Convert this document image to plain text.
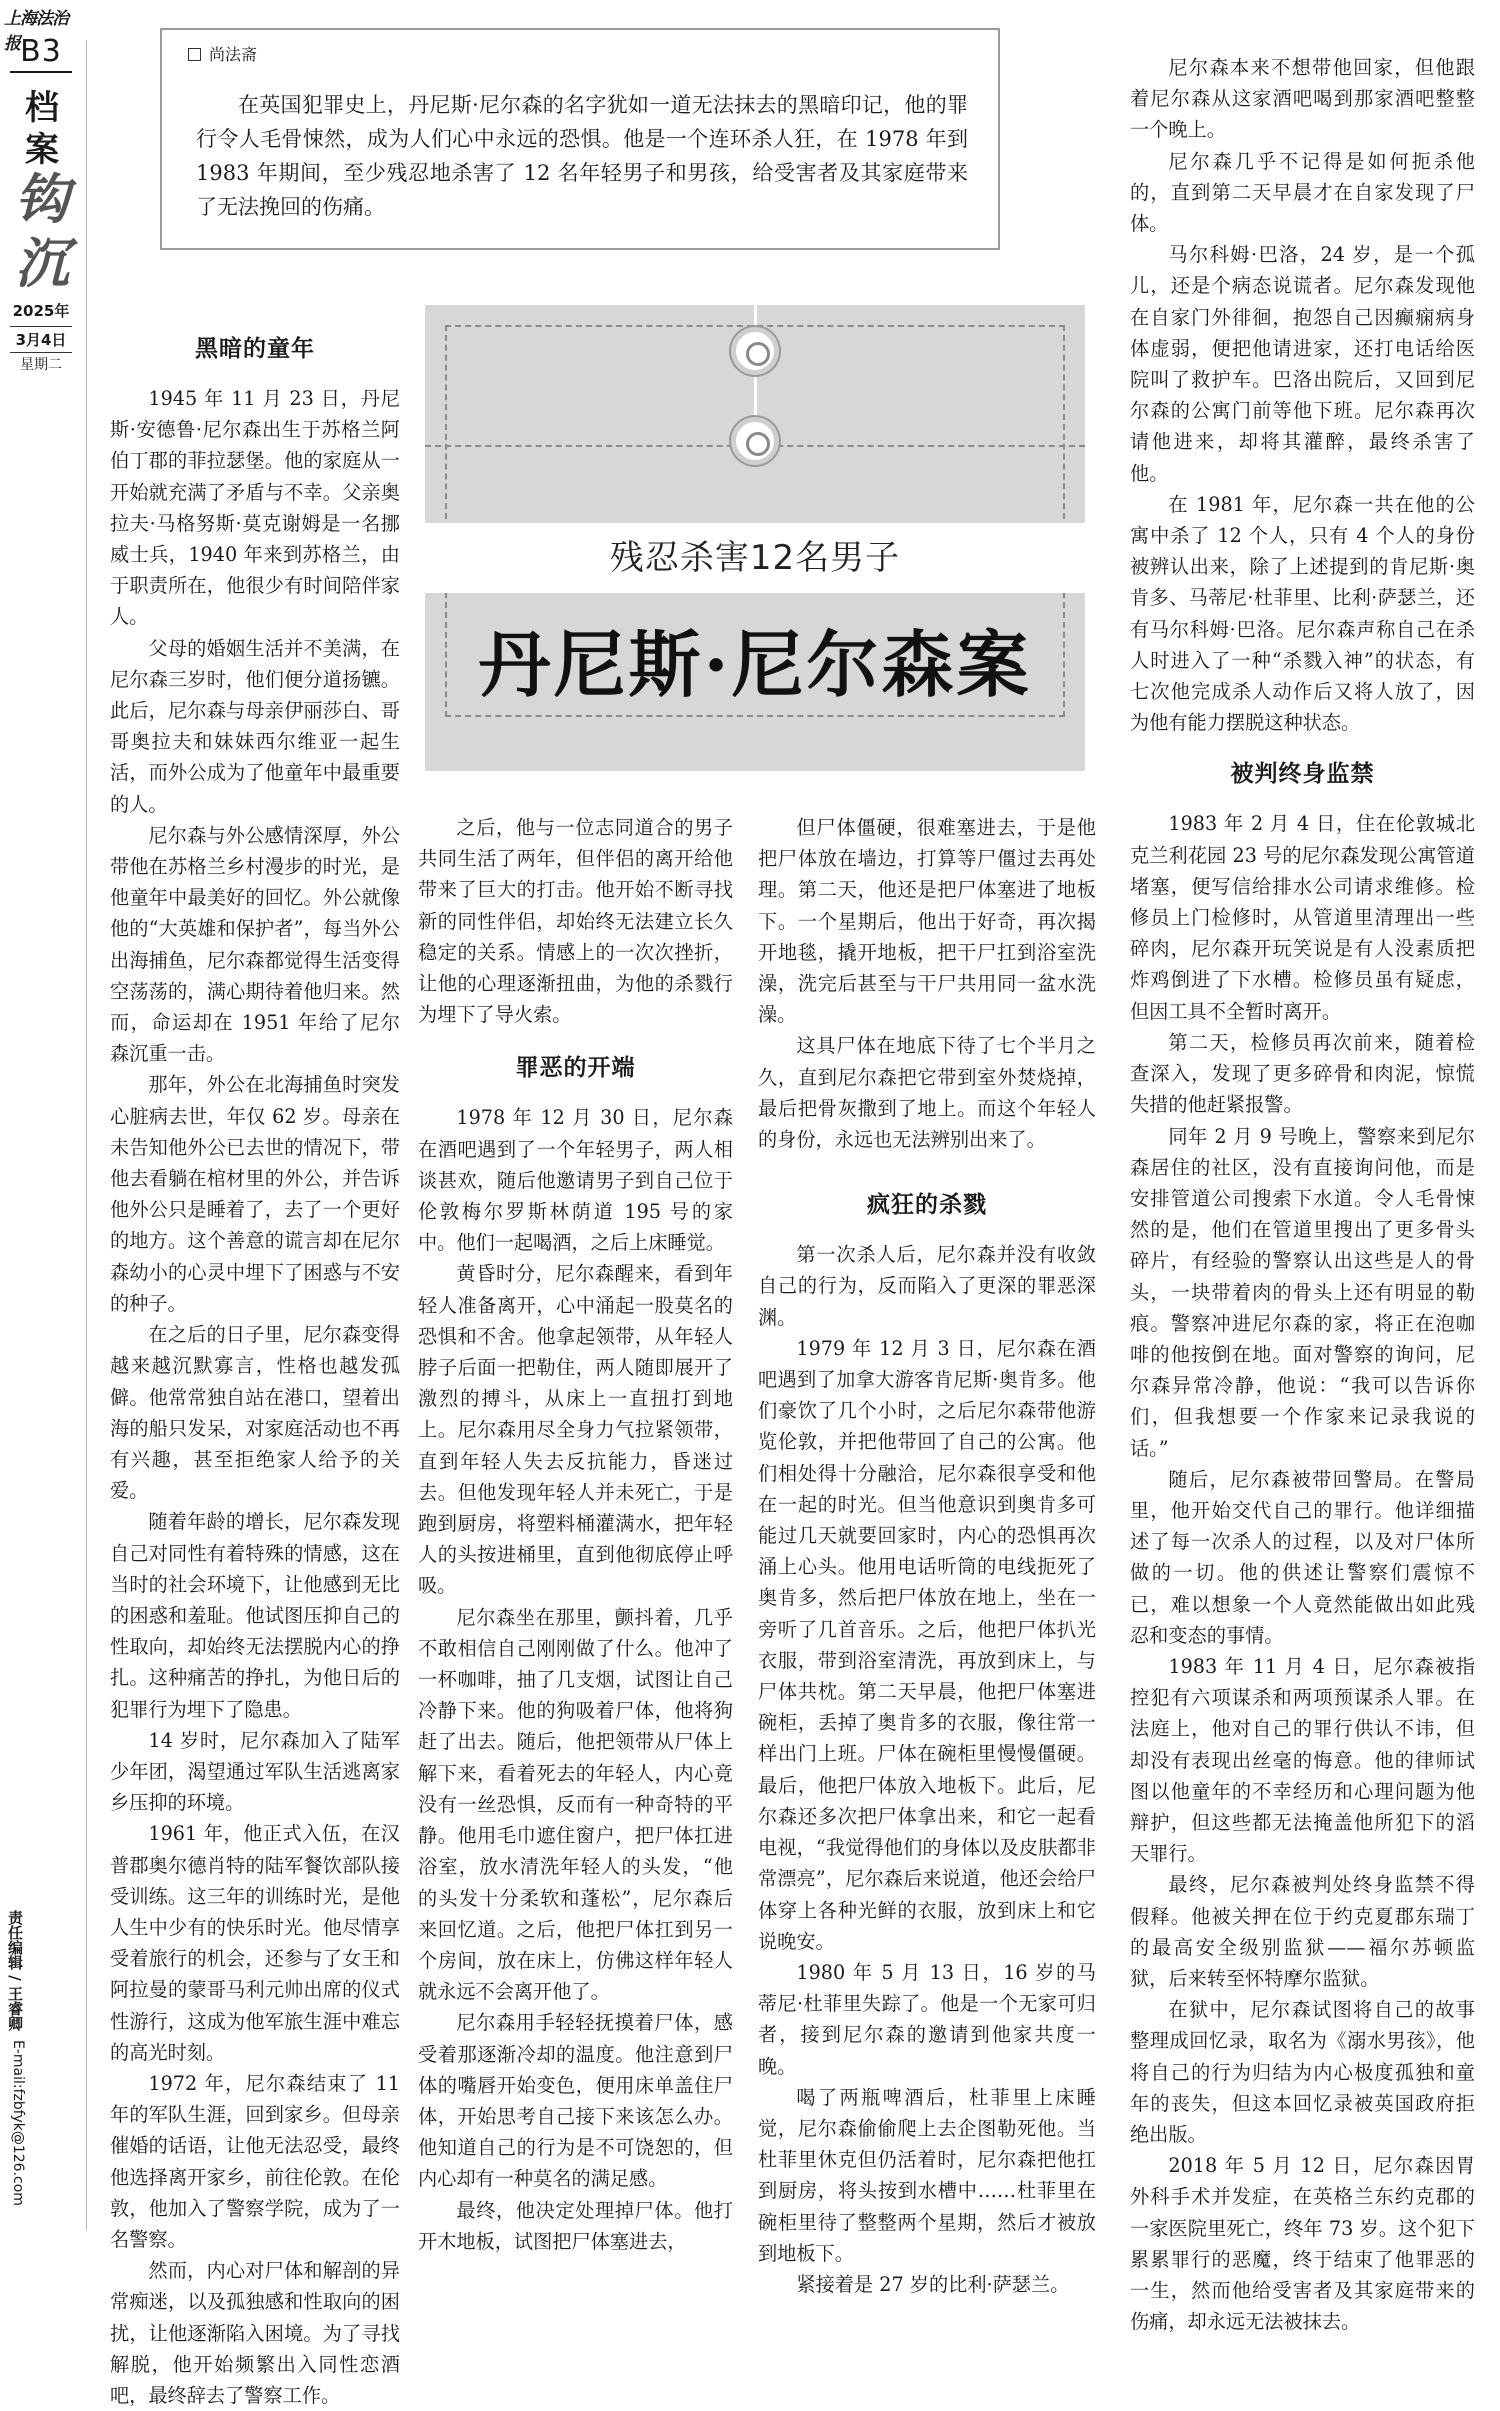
上海法治报 B3
档
案
钩
沉
2025年
3月4日
星期二
责任编辑 / 王睿卿
E-mail:fzbfyk@126.com
尚法斋
在英国犯罪史上，丹尼斯·尼尔森的名字犹如一道无法抹去的黑暗印记，他的罪行令人毛骨悚然，成为人们心中永远的恐惧。他是一个连环杀人狂，在 1978 年到 1983 年期间，至少残忍地杀害了 12 名年轻男子和男孩，给受害者及其家庭带来了无法挽回的伤痛。
残忍杀害12名男子
丹尼斯·尼尔森案
黑暗的童年

1945 年 11 月 23 日，丹尼斯·安德鲁·尼尔森出生于苏格兰阿伯丁郡的菲拉瑟堡。他的家庭从一开始就充满了矛盾与不幸。父亲奥拉夫·马格努斯·莫克谢姆是一名挪威士兵，1940 年来到苏格兰，由于职责所在，他很少有时间陪伴家人。

父母的婚姻生活并不美满，在尼尔森三岁时，他们便分道扬镳。此后，尼尔森与母亲伊丽莎白、哥哥奥拉夫和妹妹西尔维亚一起生活，而外公成为了他童年中最重要的人。

尼尔森与外公感情深厚，外公带他在苏格兰乡村漫步的时光，是他童年中最美好的回忆。外公就像他的“大英雄和保护者”，每当外公出海捕鱼，尼尔森都觉得生活变得空荡荡的，满心期待着他归来。然而，命运却在 1951 年给了尼尔森沉重一击。

那年，外公在北海捕鱼时突发心脏病去世，年仅 62 岁。母亲在未告知他外公已去世的情况下，带他去看躺在棺材里的外公，并告诉他外公只是睡着了，去了一个更好的地方。这个善意的谎言却在尼尔森幼小的心灵中埋下了困惑与不安的种子。

在之后的日子里，尼尔森变得越来越沉默寡言，性格也越发孤僻。他常常独自站在港口，望着出海的船只发呆，对家庭活动也不再有兴趣，甚至拒绝家人给予的关爱。

随着年龄的增长，尼尔森发现自己对同性有着特殊的情感，这在当时的社会环境下，让他感到无比的困惑和羞耻。他试图压抑自己的性取向，却始终无法摆脱内心的挣扎。这种痛苦的挣扎，为他日后的犯罪行为埋下了隐患。

14 岁时，尼尔森加入了陆军少年团，渴望通过军队生活逃离家乡压抑的环境。

1961 年，他正式入伍，在汉普郡奥尔德肖特的陆军餐饮部队接受训练。这三年的训练时光，是他人生中少有的快乐时光。他尽情享受着旅行的机会，还参与了女王和阿拉曼的蒙哥马利元帅出席的仪式性游行，这成为他军旅生涯中难忘的高光时刻。

1972 年，尼尔森结束了 11 年的军队生涯，回到家乡。但母亲催婚的话语，让他无法忍受，最终他选择离开家乡，前往伦敦。在伦敦，他加入了警察学院，成为了一名警察。

然而，内心对尸体和解剖的异常痴迷，以及孤独感和性取向的困扰，让他逐渐陷入困境。为了寻找解脱，他开始频繁出入同性恋酒吧，最终辞去了警察工作。

之后，他与一位志同道合的男子共同生活了两年，但伴侣的离开给他带来了巨大的打击。他开始不断寻找新的同性伴侣，却始终无法建立长久稳定的关系。情感上的一次次挫折，让他的心理逐渐扭曲，为他的杀戮行为埋下了导火索。

罪恶的开端

1978 年 12 月 30 日，尼尔森在酒吧遇到了一个年轻男子，两人相谈甚欢，随后他邀请男子到自己位于伦敦梅尔罗斯林荫道 195 号的家中。他们一起喝酒，之后上床睡觉。

黄昏时分，尼尔森醒来，看到年轻人准备离开，心中涌起一股莫名的恐惧和不舍。他拿起领带，从年轻人脖子后面一把勒住，两人随即展开了激烈的搏斗，从床上一直扭打到地上。尼尔森用尽全身力气拉紧领带，直到年轻人失去反抗能力，昏迷过去。但他发现年轻人并未死亡，于是跑到厨房，将塑料桶灌满水，把年轻人的头按进桶里，直到他彻底停止呼吸。

尼尔森坐在那里，颤抖着，几乎不敢相信自己刚刚做了什么。他冲了一杯咖啡，抽了几支烟，试图让自己冷静下来。他的狗吸着尸体，他将狗赶了出去。随后，他把领带从尸体上解下来，看着死去的年轻人，内心竟没有一丝恐惧，反而有一种奇特的平静。他用毛巾遮住窗户，把尸体扛进浴室，放水清洗年轻人的头发，“他的头发十分柔软和蓬松”，尼尔森后来回忆道。之后，他把尸体扛到另一个房间，放在床上，仿佛这样年轻人就永远不会离开他了。

尼尔森用手轻轻抚摸着尸体，感受着那逐渐冷却的温度。他注意到尸体的嘴唇开始变色，便用床单盖住尸体，开始思考自己接下来该怎么办。他知道自己的行为是不可饶恕的，但内心却有一种莫名的满足感。

最终，他决定处理掉尸体。他打开木地板，试图把尸体塞进去，

但尸体僵硬，很难塞进去，于是他把尸体放在墙边，打算等尸僵过去再处理。第二天，他还是把尸体塞进了地板下。一个星期后，他出于好奇，再次揭开地毯，撬开地板，把干尸扛到浴室洗澡，洗完后甚至与干尸共用同一盆水洗澡。

这具尸体在地底下待了七个半月之久，直到尼尔森把它带到室外焚烧掉，最后把骨灰撒到了地上。而这个年轻人的身份，永远也无法辨别出来了。

疯狂的杀戮

第一次杀人后，尼尔森并没有收敛自己的行为，反而陷入了更深的罪恶深渊。

1979 年 12 月 3 日，尼尔森在酒吧遇到了加拿大游客肯尼斯·奥肯多。他们豪饮了几个小时，之后尼尔森带他游览伦敦，并把他带回了自己的公寓。他们相处得十分融洽，尼尔森很享受和他在一起的时光。但当他意识到奥肯多可能过几天就要回家时，内心的恐惧再次涌上心头。他用电话听筒的电线扼死了奥肯多，然后把尸体放在地上，坐在一旁听了几首音乐。之后，他把尸体扒光衣服，带到浴室清洗，再放到床上，与尸体共枕。第二天早晨，他把尸体塞进碗柜，丢掉了奥肯多的衣服，像往常一样出门上班。尸体在碗柜里慢慢僵硬。最后，他把尸体放入地板下。此后，尼尔森还多次把尸体拿出来，和它一起看电视，“我觉得他们的身体以及皮肤都非常漂亮”，尼尔森后来说道，他还会给尸体穿上各种光鲜的衣服，放到床上和它说晚安。

1980 年 5 月 13 日，16 岁的马蒂尼·杜菲里失踪了。他是一个无家可归者，接到尼尔森的邀请到他家共度一晚。

喝了两瓶啤酒后，杜菲里上床睡觉，尼尔森偷偷爬上去企图勒死他。当杜菲里休克但仍活着时，尼尔森把他扛到厨房，将头按到水槽中……杜菲里在碗柜里待了整整两个星期，然后才被放到地板下。

紧接着是 27 岁的比利·萨瑟兰。

尼尔森本来不想带他回家，但他跟着尼尔森从这家酒吧喝到那家酒吧整整一个晚上。

尼尔森几乎不记得是如何扼杀他的，直到第二天早晨才在自家发现了尸体。

马尔科姆·巴洛，24 岁，是一个孤儿，还是个病态说谎者。尼尔森发现他在自家门外徘徊，抱怨自己因癫痫病身体虚弱，便把他请进家，还打电话给医院叫了救护车。巴洛出院后，又回到尼尔森的公寓门前等他下班。尼尔森再次请他进来，却将其灌醉，最终杀害了他。

在 1981 年，尼尔森一共在他的公寓中杀了 12 个人，只有 4 个人的身份被辨认出来，除了上述提到的肯尼斯·奥肯多、马蒂尼·杜菲里、比利·萨瑟兰，还有马尔科姆·巴洛。尼尔森声称自己在杀人时进入了一种“杀戮入神”的状态，有七次他完成杀人动作后又将人放了，因为他有能力摆脱这种状态。

被判终身监禁

1983 年 2 月 4 日，住在伦敦城北克兰利花园 23 号的尼尔森发现公寓管道堵塞，便写信给排水公司请求维修。检修员上门检修时，从管道里清理出一些碎肉，尼尔森开玩笑说是有人没素质把炸鸡倒进了下水槽。检修员虽有疑虑，但因工具不全暂时离开。

第二天，检修员再次前来，随着检查深入，发现了更多碎骨和肉泥，惊慌失措的他赶紧报警。

同年 2 月 9 号晚上，警察来到尼尔森居住的社区，没有直接询问他，而是安排管道公司搜索下水道。令人毛骨悚然的是，他们在管道里搜出了更多骨头碎片，有经验的警察认出这些是人的骨头，一块带着肉的骨头上还有明显的勒痕。警察冲进尼尔森的家，将正在泡咖啡的他按倒在地。面对警察的询问，尼尔森异常冷静，他说：“我可以告诉你们，但我想要一个作家来记录我说的话。”

随后，尼尔森被带回警局。在警局里，他开始交代自己的罪行。他详细描述了每一次杀人的过程，以及对尸体所做的一切。他的供述让警察们震惊不已，难以想象一个人竟然能做出如此残忍和变态的事情。

1983 年 11 月 4 日，尼尔森被指控犯有六项谋杀和两项预谋杀人罪。在法庭上，他对自己的罪行供认不讳，但却没有表现出丝毫的悔意。他的律师试图以他童年的不幸经历和心理问题为他辩护，但这些都无法掩盖他所犯下的滔天罪行。

最终，尼尔森被判处终身监禁不得假释。他被关押在位于约克夏郡东瑞丁的最高安全级别监狱——福尔苏顿监狱，后来转至怀特摩尔监狱。

在狱中，尼尔森试图将自己的故事整理成回忆录，取名为《溺水男孩》，他将自己的行为归结为内心极度孤独和童年的丧失，但这本回忆录被英国政府拒绝出版。

2018 年 5 月 12 日，尼尔森因胃外科手术并发症，在英格兰东约克郡的一家医院里死亡，终年 73 岁。这个犯下累累罪行的恶魔，终于结束了他罪恶的一生，然而他给受害者及其家庭带来的伤痛，却永远无法被抹去。
